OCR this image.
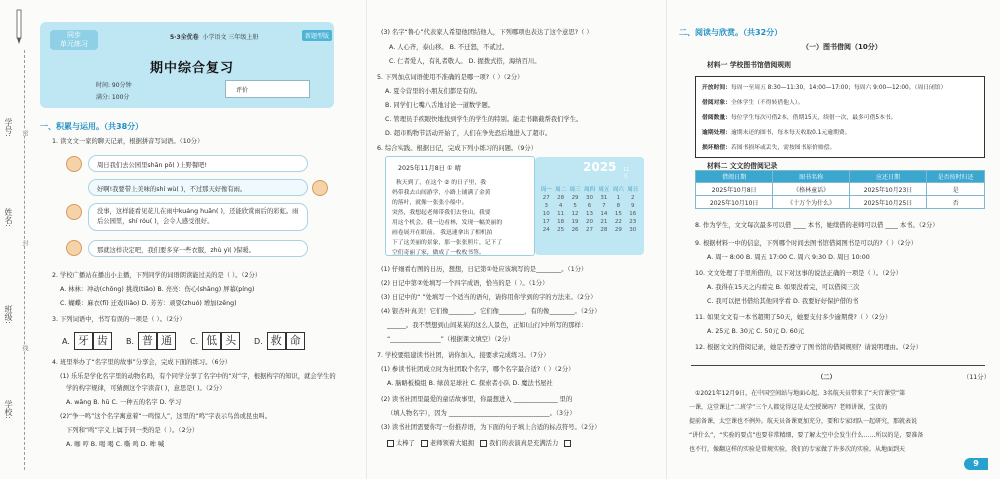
学号:
姓名:
班级:
学校:
密
封
线
同步
单元练习
5·3全优卷 小学语文 三年级上册	新题型版
期中综合复习
时间: 90分钟
满分: 100分
评价
一、积累与运用。（共38分）
1. 读文文一家的聊天记录，根据拼音写词语。（10分）
周日我们去公园里shān pō( )上野餐吧!
好啊!我要带上美味的shí wù( )，不过那天好像有雨。
没事，这样能看见花儿在雨中kuáng huān( )，还能欣赏雨后的彩虹。雨后公园里，shí róu( )，会令人感受很好。
那就这样决定吧，我们要多穿一些衣服，zhù yì( )保暖。
2. 学校广播站在播出小主播，下列同学的词语朗读能过关的是（ ）。（2分）
A. 林林：冲动(chōng) 挑战(tiǎo) B. 亮亮：伤心(shāng) 屏幕(píng)
C. 蝴蝶：麻衣(fī) 迁戏(liǎo) D. 芳芳：顽耍(zhuó) 增加(zēng)
3. 下列词语中，书写有误的一项是（ ）。（2分）
A. 牙 齿	B. 普 通	C. 低 头	D. 救 命
4. 班里举办了“名字里的故事”分享会，完成下面的练习。（6分）
(1) 乐乐是学化名字里的动物名吗，有个同学分享了名字中的“对”字，根据构字的知识，就会学生的
学的构字规律，可猜测这个字读音( )，意思是( )。（2分）
A. wāng B. hū C. 一种五的名字 D. 学习
(2)“争一鸣”这个名字寓意着“一鸣惊人”，这里的“鸣”字表示鸟兽或昆虫叫。
下列和“鸣”字义上属于同一类的是（ ）。（2分）
A. 咖 哼 B. 喝 喝 C. 嘶 鸣 D. 哞 喊
(3) 名字“鲁心”代表家人希望他团结他人，下列哪项也表达了这个意思?（ ）
A. 人心齐，泰山移。 B. 不迁怒，不贰过。
C. 仁者爱人，有礼者敬人。 D. 握拨式搭，海纳百川。
5. 下列加点词语使用不准确的是哪一项?（ ）（2分）
A. 夏令营里的小朋友们都是有的。
B. 同学们七嘴八舌地讨论一道数学题。
C. 管理员手疾眼快地找到学生的学生的特别。能走书籍截帮我们学生。
D. 超市购物节活动开始了，人们在争先恐后地进入了超市。
6. 综合实践。根据日记，完成下列小练习的问题。（9分）
2025年11月8日 ① 晴
秋天到了，在这个 ② 的日子里，我
妈带我去山间游学，小路上铺满了金黄
的落叶，就像一张张小船中。
突然，我想起老师带我们去登山，我要
用这个机会，我一边看林，发现一幅美丽的
画卷展开在眼前。 我迅速拿出了相机拍
下了这美丽的景象，那一张张照片，记下了
空们奇丽了家，做成了一枚枚书签。
2025 11月
周一 周二 周三 周四 周五 周六 周日
27	28	29	30	31	1	2
3	4	5	6	7	8	9
10	11	12	13	14	15	16
17	18	19	20	21	22	23
24	25	26	27	28	29	30
(1) 仔细看右图的日历，想想，日记第①处应该填写的是________。（1分）
(2) 日记中第②处填写一个四字成语，恰当的是（ ）。（1分）
(3) 日记中的“ ”处填写一个适当的语句，请你用你学到的字的方法来。（2分）
(4) 银杏叶真美！它们像________。它们像________，有的像________。（2分）
______。我不禁想到山间某某的这么人景色，正如(山行)中所写的那样：
“________________”（根据课文填空）（2分）
7. 学校要组建读书社团，请你加入，接要求完成练习。（7分）
(1) 参读书社团成立时为社团取个名字，哪个名字最合适?（ ）（2分）
A. 脑略板模组 B. 绿茵足球社 C. 探索者小队 D. 魔法书屋社
(2) 读书社团里最爱的童话故事里，你最想进入 ______________ 里的
（填人物名字），因为 ________________________________。（3分）
(3) 读书社团需要你写一份推荐语，为下面的句子填上合适的标点符号。（2分）
太棒了 老师领着大姐拥 我们的表演真是充满活力
二、阅读与欣赏。（共32分）
（一）图书借阅（10分）
材料一 学校图书馆借阅规则
开放时间：每周一至周五 8:30—11:30，14:00—17:00；每周六 9:00—12:00。（周日闭馆）
借阅对象：全体学生（不得转借他人）。
借阅数量：每位学生每次可借2本，借期15天，续借一次，最多可借5本书。
逾期处理：逾期未还的图书，每本每天收取0.1元逾期费。
损坏赔偿：若图书损坏或丢失，需按图书原价赔偿。
材料二 文文的借阅记录
借阅日期	图书名称	应还日期	是否按时归还
2025年10月8日	《格林童话》	2025年10月23日	是
2025年10月10日	《十万个为什么》	2025年10月25日	否
8. 作为学生，文文每次最多可以借 ____ 本书，她续借的老师可以借 ____ 本书。（2分）
9. 根据材料一中的信息，下列哪个时间去图书馆借阅图书是可以的?（ ）（2分）
A. 周一 8:00 B. 周五 17:00 C. 周六 9:30 D. 周日 10:00
10. 文文处理了手里所借的，以下对这事的说法正确的一项是（ ）。（2分）
A. 我得在15天之内看完 B. 如果没看完，可以借阅三次
C. 我可以把书借给其他同学看 D. 我要好好保护借的书
11. 如果文文有一本书超期了50天，她要支付多少逾期费?（ ）（2分）
A. 25元 B. 30元 C. 50元 D. 60元
12. 根据文文的借阅记录，她是否遵守了图书馆的借阅规则？请说明理由。（2分）
（二）	（11分）
①2021年12月9日，在中国空间站与地面心起，3名航天员带来了“天宫课堂”第
一课，这堂课让“二班学”三个人都觉得这是太空授课吗？老师讲课，宝贵的
提前备课，太空课也不例外。航天员备课更加充分，要和专家团队一起研究，那就表说
“讲什么”，“实验的要点”也要非常精细，要了解太空中会发生什么……所以的是，要准备
也不行，像翻这样的实验是常规实验，我们的专家做了许多次的实验。从地面到天
9
